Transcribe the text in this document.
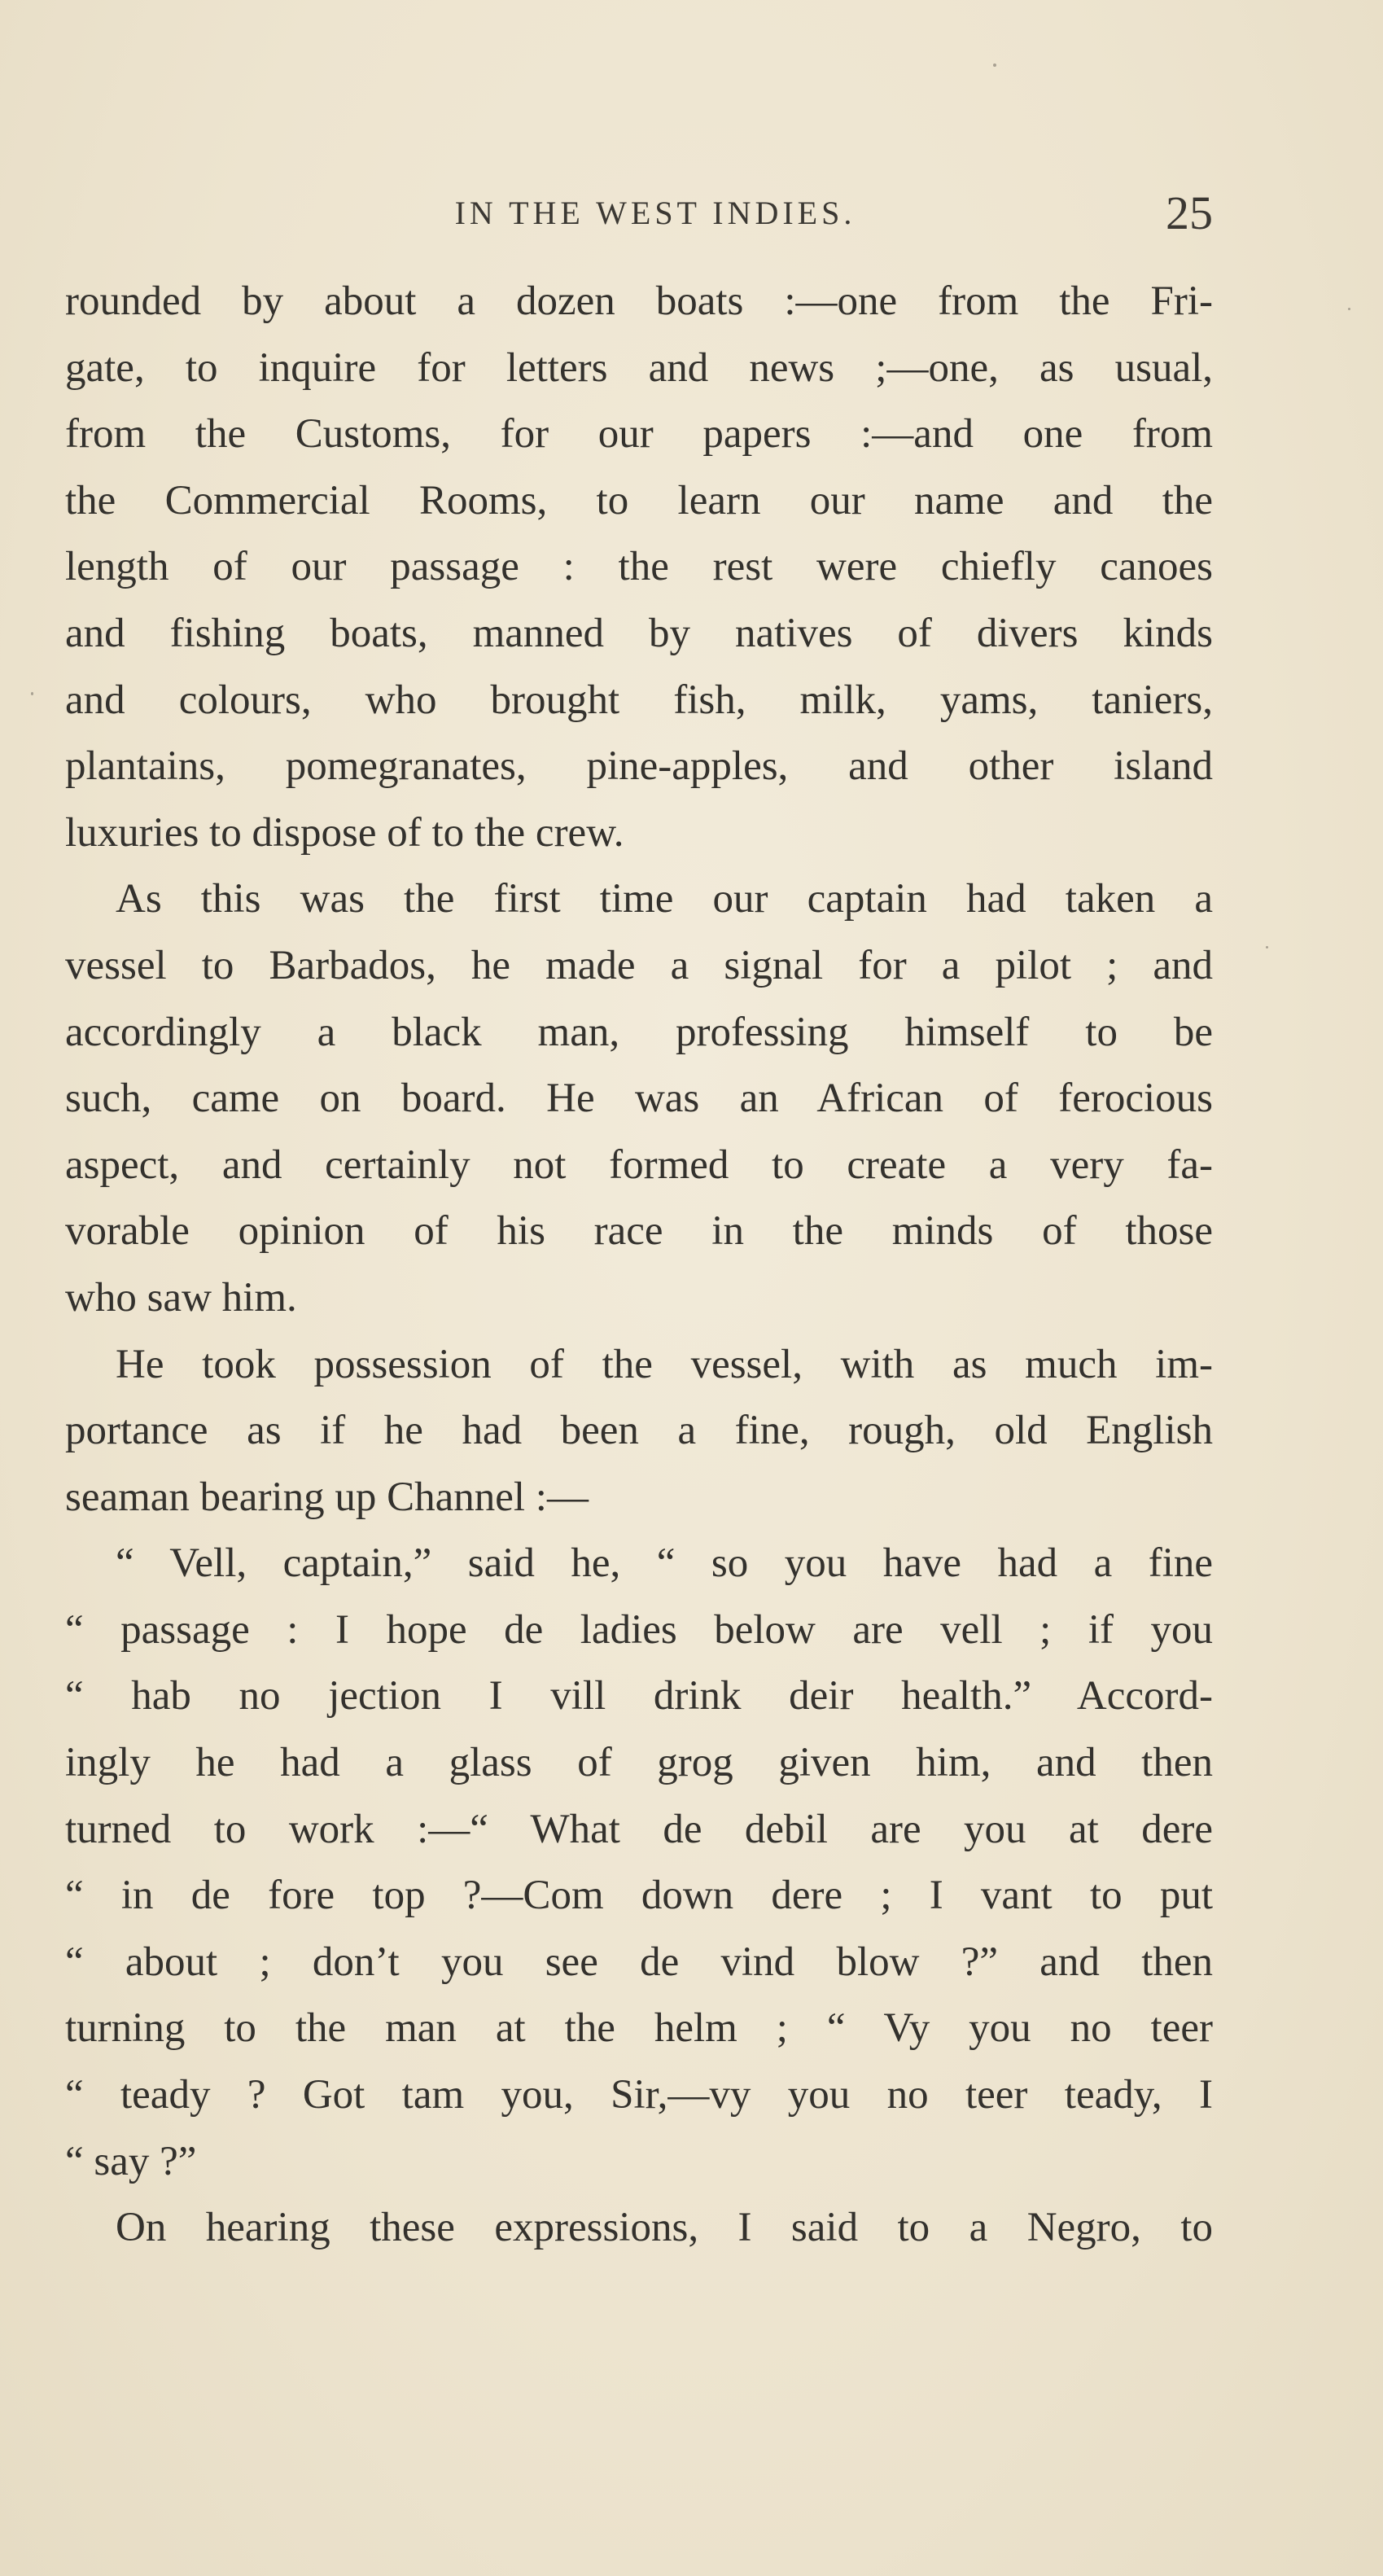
IN THE WEST INDIES.	25
rounded by about a dozen boats :—one from the Fri-
gate, to inquire for letters and news ;—one, as usual,
from the Customs, for our papers :—and one from
the Commercial Rooms, to learn our name and the
length of our passage : the rest were chiefly canoes
and fishing boats, manned by natives of divers kinds
and colours, who brought fish, milk, yams, taniers,
plantains, pomegranates, pine-apples, and other island
luxuries to dispose of to the crew.
As this was the first time our captain had taken a
vessel to Barbados, he made a signal for a pilot ; and
accordingly a black man, professing himself to be
such, came on board. He was an African of ferocious
aspect, and certainly not formed to create a very fa-
vorable opinion of his race in the minds of those
who saw him.
He took possession of the vessel, with as much im-
portance as if he had been a fine, rough, old English
seaman bearing up Channel :—
“ Vell, captain,” said he, “ so you have had a fine
“ passage : I hope de ladies below are vell ; if you
“ hab no jection I vill drink deir health.” Accord-
ingly he had a glass of grog given him, and then
turned to work :—“ What de debil are you at dere
“ in de fore top ?—Com down dere ; I vant to put
“ about ; don’t you see de vind blow ?” and then
turning to the man at the helm ; “ Vy you no teer
“ teady ? Got tam you, Sir,—vy you no teer teady, I
“ say ?”
On hearing these expressions, I said to a Negro, to
